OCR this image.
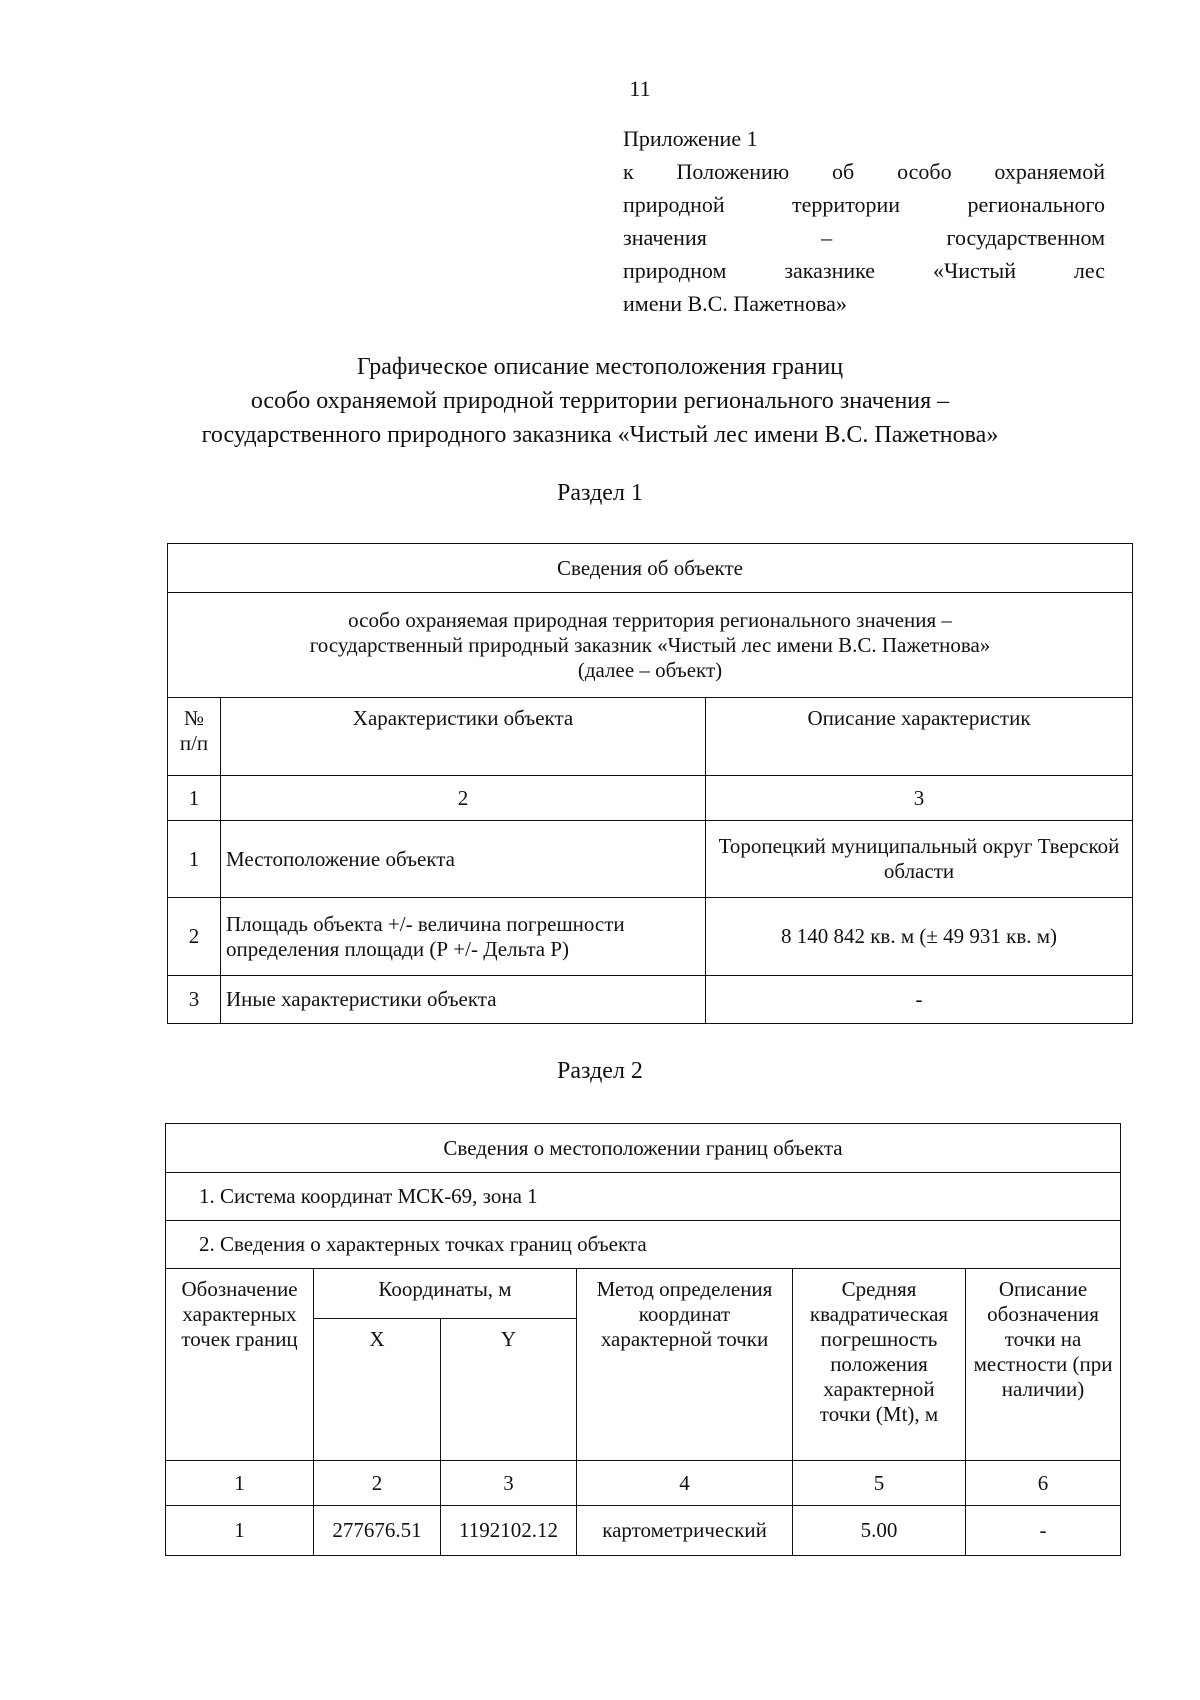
11
Приложение 1
к Положению об особо охраняемой
природной территории регионального
значения – государственном
природном заказнике «Чистый лес
имени В.С. Пажетнова»
Графическое описание местоположения границ
особо охраняемой природной территории регионального значения –
государственного природного заказника «Чистый лес имени В.С. Пажетнова»
Раздел 1
Сведения об объекте		

особо охраняемая природная территория регионального значения –
государственный природный заказник «Чистый лес имени В.С. Пажетнова»
(далее – объект)		

№ п/п	Характеристики объекта	Описание характеристик
1	2	3
1	Местоположение объекта	Торопецкий муниципальный округ Тверской области
2	Площадь объекта +/- величина погрешности определения площади (Р +/- Дельта Р)	8 140 842 кв. м (± 49 931 кв. м)
3	Иные характеристики объекта	-
Раздел 2
Сведения о местоположении границ объекта					
1. Система координат МСК-69, зона 1					
2. Сведения о характерных точках границ объекта					
Обозначение характерных точек границ	Координаты, м		Метод определения координат характерной точки	Средняя квадратическая погрешность положения характерной точки (Mt), м	Описание обозначения точки на местности (при наличии)
	X	Y			
1	2	3	4	5	6
1	277676.51	1192102.12	картометрический	5.00	-
